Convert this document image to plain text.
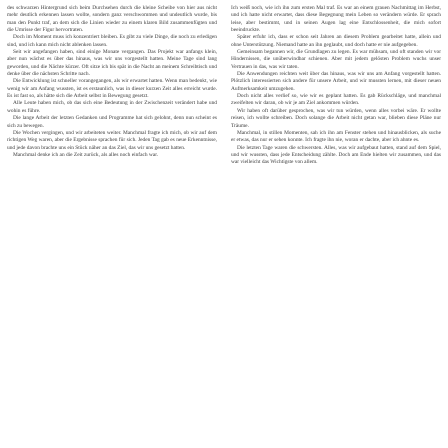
des schwarzen Hintergrund sich beim Durchsehen durch die kleine Scheibe von hier aus nicht mehr deutlich erkennen lassen wollte, sondern ganz verschwommen und undeutlich wurde, bis man den Punkt traf, an dem sich die Linien wieder zu einem klaren Bild zusammenfügten und die Umrisse der Figur hervortraten.

Doch im Moment muss ich konzentriert bleiben. Es gibt zu viele Dinge, die noch zu erledigen sind, und ich kann mich nicht ablenken lassen.

Seit wir angefangen haben, sind einige Monate vergangen. Das Projekt war anfangs klein, aber nun wächst es über das hinaus, was wir uns vorgestellt hatten. Meine Tage sind lang geworden, und die Nächte kürzer. Oft sitze ich bis spät in die Nacht an meinem Schreibtisch und denke über die nächsten Schritte nach.

Die Entwicklung ist schneller vorangegangen, als wir erwartet hatten. Wenn man bedenkt, wie wenig wir am Anfang wussten, ist es erstaunlich, was in dieser kurzen Zeit alles erreicht wurde. Es ist fast so, als hätte sich die Arbeit selbst in Bewegung gesetzt.

Alle Leute haben mich, ob das sich eine Bedeutung in der Zwischenzeit verändert habe und wohin es führe.

Die lange Arbeit der letzten Gedanken und Programme hat sich gelohnt, denn nun scheint es sich zu bewegen.

Die Wochen vergingen, und wir arbeiteten weiter. Manchmal fragte ich mich, ob wir auf dem richtigen Weg waren, aber die Ergebnisse sprachen für sich. Jeden Tag gab es neue Erkenntnisse, und jede davon brachte uns ein Stück näher an das Ziel, das wir uns gesetzt hatten.

Manchmal denke ich an die Zeit zurück, als alles noch einfach war.

Ich weiß noch, wie ich ihn zum ersten Mal traf. Es war an einem grauen Nachmittag im Herbst, und ich hatte nicht erwartet, dass diese Begegnung mein Leben so verändern würde. Er sprach leise, aber bestimmt, und in seinen Augen lag eine Entschlossenheit, die mich sofort beeindruckte.

Später erfuhr ich, dass er schon seit Jahren an diesem Problem gearbeitet hatte, allein und ohne Unterstützung. Niemand hatte an ihn geglaubt, und doch hatte er nie aufgegeben.

Gemeinsam begannen wir, die Grundlagen zu legen. Es war mühsam, und oft standen wir vor Hindernissen, die unüberwindbar schienen. Aber mit jedem gelösten Problem wuchs unser Vertrauen in das, was wir taten.

Die Anwendungen reichten weit über das hinaus, was wir uns am Anfang vorgestellt hatten. Plötzlich interessierten sich andere für unsere Arbeit, und wir mussten lernen, mit dieser neuen Aufmerksamkeit umzugehen.

Doch nicht alles verlief so, wie wir es geplant hatten. Es gab Rückschläge, und manchmal zweifelten wir daran, ob wir je am Ziel ankommen würden.

Wir haben oft darüber gesprochen, was wir tun würden, wenn alles vorbei wäre. Er wollte reisen, ich wollte schreiben. Doch solange die Arbeit nicht getan war, blieben diese Pläne nur Träume.

Manchmal, in stillen Momenten, sah ich ihn am Fenster stehen und hinausblicken, als suche er etwas, das nur er sehen konnte. Ich fragte ihn nie, woran er dachte, aber ich ahnte es.

Die letzten Tage waren die schwersten. Alles, was wir aufgebaut hatten, stand auf dem Spiel, und wir wussten, dass jede Entscheidung zählte. Doch am Ende hielten wir zusammen, und das war vielleicht das Wichtigste von allem.
